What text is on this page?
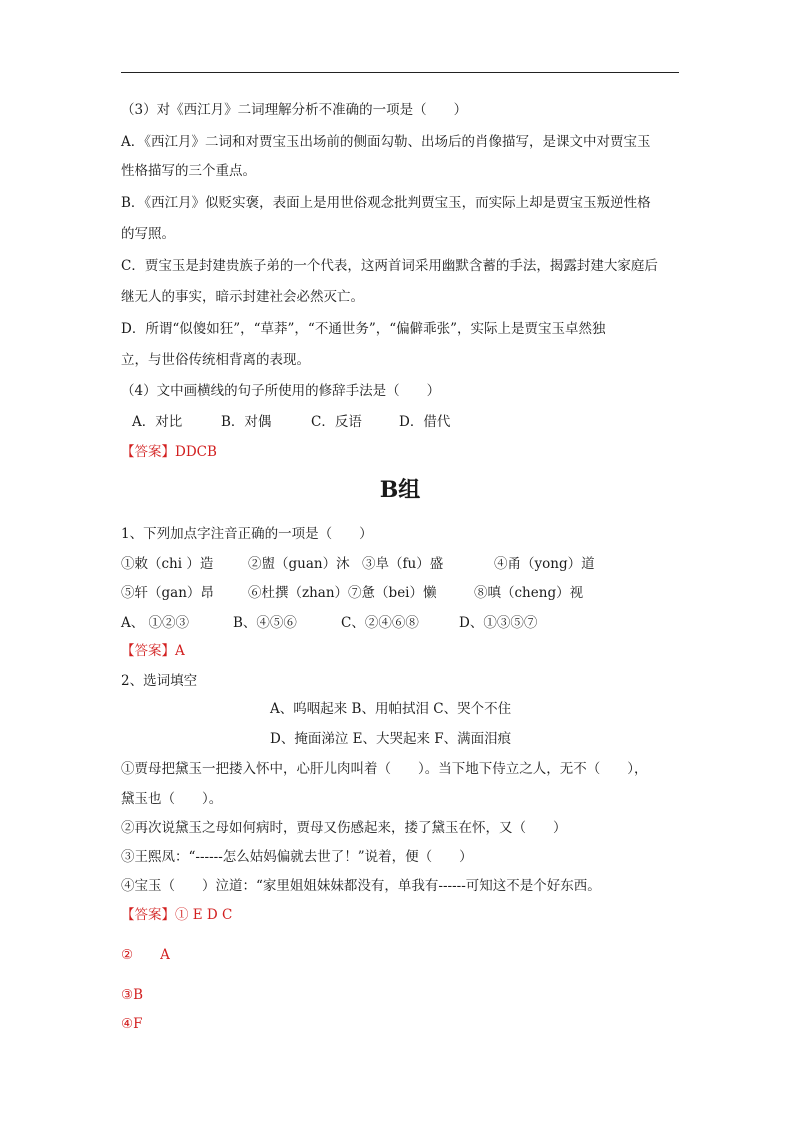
（3）对《西江月》二词理解分析不准确的一项是（　　）
A．《西江月》二词和对贾宝玉出场前的侧面勾勒、出场后的肖像描写，是课文中对贾宝玉
性格描写的三个重点。
B．《西江月》似贬实褒，表面上是用世俗观念批判贾宝玉，而实际上却是贾宝玉叛逆性格
的写照。
C．贾宝玉是封建贵族子弟的一个代表，这两首词采用幽默含蓄的手法，揭露封建大家庭后
继无人的事实，暗示封建社会必然灭亡。
D．所谓“似傻如狂”，“草莽”，“不通世务”，“偏僻乖张”，实际上是贾宝玉卓然独
立，与世俗传统相背离的表现。
（4）文中画横线的句子所使用的修辞手法是（　　）
A．对比	B．对偶	C．反语	D．借代
【答案】DDCB
B组
1、下列加点字注音正确的一项是（　　）
①敕（chi ）造	②盥（guan）沐 ③阜（fu）盛	④甬（yong）道
⑤轩（gan）昂	⑥杜撰（zhan）⑦惫（bei）懒	⑧嗔（cheng）视
A、 ①②③	B、④⑤⑥	C、②④⑥⑧	D、①③⑤⑦
【答案】A
2、选词填空
A、呜咽起来 B、用帕拭泪 C、哭个不住
D、掩面涕泣 E、大哭起来 F、满面泪痕
①贾母把黛玉一把搂入怀中，心肝儿肉叫着（　　）。当下地下侍立之人，无不（　　），
黛玉也（　　）。
②再次说黛玉之母如何病时，贾母又伤感起来，搂了黛玉在怀，又（　　）
③王熙凤：“------怎么姑妈偏就去世了！”说着，便（　　）
④宝玉（　　）泣道：“家里姐姐妹妹都没有，单我有------可知这不是个好东西。
【答案】① E D C
②　　A
③B
④F
